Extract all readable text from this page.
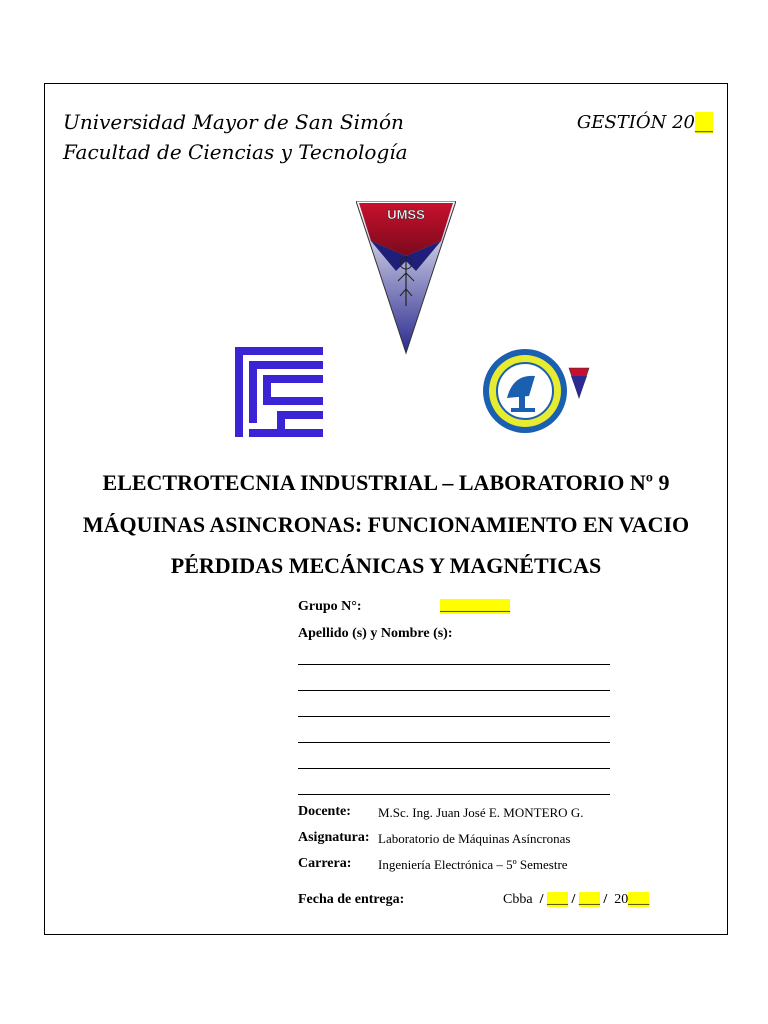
Universidad Mayor de San Simón
Facultad de Ciencias y Tecnología
GESTIÓN 20__
UMSS
ELECTROTECNIA INDUSTRIAL – LABORATORIO Nº 9
MÁQUINAS ASINCRONAS: FUNCIONAMIENTO EN VACIO
PÉRDIDAS MECÁNICAS Y MAGNÉTICAS
Grupo N°:	__________
Apellido (s) y Nombre (s):
Docente: M.Sc. Ing. Juan José E. MONTERO G.
Asignatura: Laboratorio de Máquinas Asíncronas
Carrera: Ingeniería Electrónica – 5º Semestre
Fecha de entrega:	Cbba / ___ / ___ / 20___
